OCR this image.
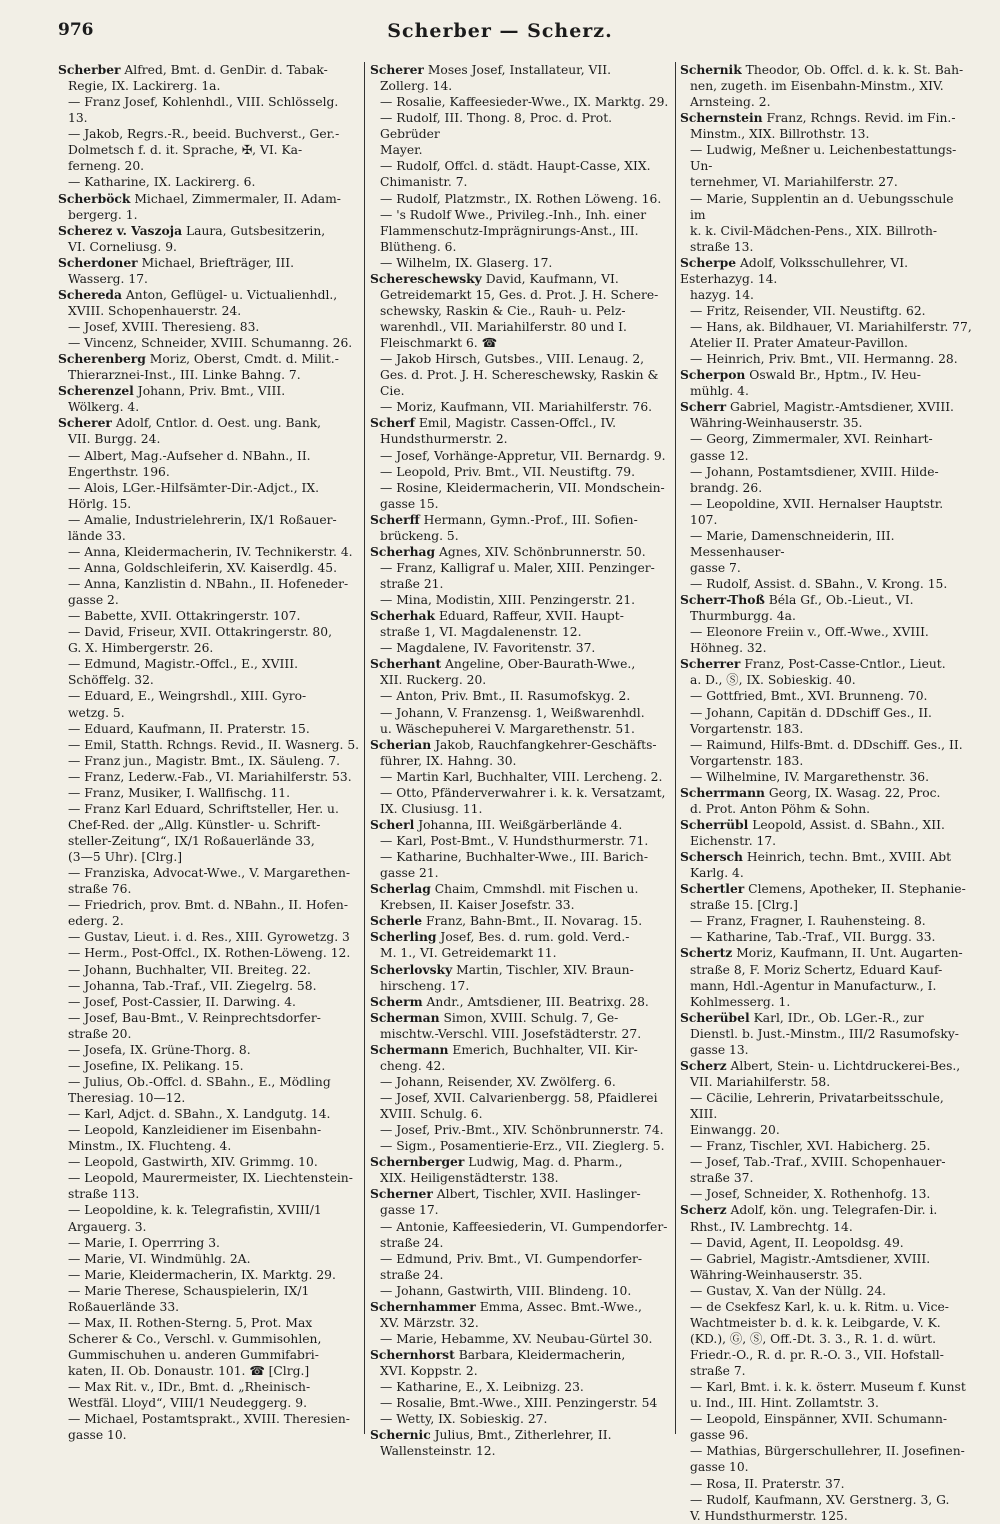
976	Scherber — Scherz.
Scherber Alfred, Bmt. d. GenDir. d. Tabak-
Regie, IX. Lackirerg. 1a.
— Franz Josef, Kohlenhdl., VIII. Schlösselg. 13.
— Jakob, Regrs.-R., beeid. Buchverst., Ger.-
Dolmetsch f. d. it. Sprache, ✠, VI. Ka-
ferneng. 20.
— Katharine, IX. Lackirerg. 6.
Scherböck Michael, Zimmermaler, II. Adam-
bergerg. 1.
Scherez v. Vaszoja Laura, Gutsbesitzerin,
VI. Corneliusg. 9.
Scherdoner Michael, Briefträger, III.
Wasserg. 17.
Schereda Anton, Geflügel- u. Victualienhdl.,
XVIII. Schopenhauerstr. 24.
— Josef, XVIII. Theresieng. 83.
— Vincenz, Schneider, XVIII. Schumanng. 26.
Scherenberg Moriz, Oberst, Cmdt. d. Milit.-
Thierarznei-Inst., III. Linke Bahng. 7.
Scherenzel Johann, Priv. Bmt., VIII.
Wölkerg. 4.
Scherer Adolf, Cntlor. d. Oest. ung. Bank,
VII. Burgg. 24.
— Albert, Mag.-Aufseher d. NBahn., II.
Engerthstr. 196.
— Alois, LGer.-Hilfsämter-Dir.-Adjct., IX.
Hörlg. 15.
— Amalie, Industrielehrerin, IX/1 Roßauer-
lände 33.
— Anna, Kleidermacherin, IV. Technikerstr. 4.
— Anna, Goldschleiferin, XV. Kaiserdlg. 45.
— Anna, Kanzlistin d. NBahn., II. Hofeneder-
gasse 2.
— Babette, XVII. Ottakringerstr. 107.
— David, Friseur, XVII. Ottakringerstr. 80,
G. X. Himbergerstr. 26.
— Edmund, Magistr.-Offcl., E., XVIII.
Schöffelg. 32.
— Eduard, E., Weingrshdl., XIII. Gyro-
wetzg. 5.
— Eduard, Kaufmann, II. Praterstr. 15.
— Emil, Statth. Rchngs. Revid., II. Wasnerg. 5.
— Franz jun., Magistr. Bmt., IX. Säuleng. 7.
— Franz, Lederw.-Fab., VI. Mariahilferstr. 53.
— Franz, Musiker, I. Wallfischg. 11.
— Franz Karl Eduard, Schriftsteller, Her. u.
Chef-Red. der „Allg. Künstler- u. Schrift-
steller-Zeitung“, IX/1 Roßauerlände 33,
(3—5 Uhr). [Clrg.]
— Franziska, Advocat-Wwe., V. Margarethen-
straße 76.
— Friedrich, prov. Bmt. d. NBahn., II. Hofen-
ederg. 2.
— Gustav, Lieut. i. d. Res., XIII. Gyrowetzg. 3
— Herm., Post-Offcl., IX. Rothen-Löweng. 12.
— Johann, Buchhalter, VII. Breiteg. 22.
— Johanna, Tab.-Traf., VII. Ziegelrg. 58.
— Josef, Post-Cassier, II. Darwing. 4.
— Josef, Bau-Bmt., V. Reinprechtsdorfer-
straße 20.
— Josefa, IX. Grüne-Thorg. 8.
— Josefine, IX. Pelikang. 15.
— Julius, Ob.-Offcl. d. SBahn., E., Mödling
Theresiag. 10—12.
— Karl, Adjct. d. SBahn., X. Landgutg. 14.
— Leopold, Kanzleidiener im Eisenbahn-
Minstm., IX. Fluchteng. 4.
— Leopold, Gastwirth, XIV. Grimmg. 10.
— Leopold, Maurermeister, IX. Liechtenstein-
straße 113.
— Leopoldine, k. k. Telegrafistin, XVIII/1
Argauerg. 3.
— Marie, I. Operrring 3.
— Marie, VI. Windmühlg. 2A.
— Marie, Kleidermacherin, IX. Marktg. 29.
— Marie Therese, Schauspielerin, IX/1
Roßauerlände 33.
— Max, II. Rothen-Sterng. 5, Prot. Max
Scherer & Co., Verschl. v. Gummisohlen,
Gummischuhen u. anderen Gummifabri-
katen, II. Ob. Donaustr. 101. ☎ [Clrg.]
— Max Rit. v., IDr., Bmt. d. „Rheinisch-
Westfäl. Lloyd“, VIII/1 Neudeggerg. 9.
— Michael, Postamtsprakt., XVIII. Theresien-
gasse 10.
Scherer Moses Josef, Installateur, VII.
Zollerg. 14.
— Rosalie, Kaffeesieder-Wwe., IX. Marktg. 29.
— Rudolf, III. Thong. 8, Proc. d. Prot. Gebrüder
Mayer.
— Rudolf, Offcl. d. städt. Haupt-Casse, XIX.
Chimanistr. 7.
— Rudolf, Platzmstr., IX. Rothen Löweng. 16.
— 's Rudolf Wwe., Privileg.-Inh., Inh. einer
Flammenschutz-Imprägnirungs-Anst., III.
Blütheng. 6.
— Wilhelm, IX. Glaserg. 17.
Schereschewsky David, Kaufmann, VI.
Getreidemarkt 15, Ges. d. Prot. J. H. Schere-
schewsky, Raskin & Cie., Rauh- u. Pelz-
warenhdl., VII. Mariahilferstr. 80 und I.
Fleischmarkt 6. ☎
— Jakob Hirsch, Gutsbes., VIII. Lenaug. 2,
Ges. d. Prot. J. H. Schereschewsky, Raskin & Cie.
— Moriz, Kaufmann, VII. Mariahilferstr. 76.
Scherf Emil, Magistr. Cassen-Offcl., IV.
Hundsthurmerstr. 2.
— Josef, Vorhänge-Appretur, VII. Bernardg. 9.
— Leopold, Priv. Bmt., VII. Neustiftg. 79.
— Rosine, Kleidermacherin, VII. Mondschein-
gasse 15.
Scherff Hermann, Gymn.-Prof., III. Sofien-
brückeng. 5.
Scherhag Agnes, XIV. Schönbrunnerstr. 50.
— Franz, Kalligraf u. Maler, XIII. Penzinger-
straße 21.
— Mina, Modistin, XIII. Penzingerstr. 21.
Scherhak Eduard, Raffeur, XVII. Haupt-
straße 1, VI. Magdalenenstr. 12.
— Magdalene, IV. Favoritenstr. 37.
Scherhant Angeline, Ober-Baurath-Wwe.,
XII. Ruckerg. 20.
— Anton, Priv. Bmt., II. Rasumofskyg. 2.
— Johann, V. Franzensg. 1, Weißwarenhdl.
u. Wäschepuherei V. Margarethenstr. 51.
Scherian Jakob, Rauchfangkehrer-Geschäfts-
führer, IX. Hahng. 30.
— Martin Karl, Buchhalter, VIII. Lercheng. 2.
— Otto, Pfänderverwahrer i. k. k. Versatzamt,
IX. Clusiusg. 11.
Scherl Johanna, III. Weißgärberlände 4.
— Karl, Post-Bmt., V. Hundsthurmerstr. 71.
— Katharine, Buchhalter-Wwe., III. Barich-
gasse 21.
Scherlag Chaim, Cmmshdl. mit Fischen u.
Krebsen, II. Kaiser Josefstr. 33.
Scherle Franz, Bahn-Bmt., II. Novarag. 15.
Scherling Josef, Bes. d. rum. gold. Verd.-
M. 1., VI. Getreidemarkt 11.
Scherlovsky Martin, Tischler, XIV. Braun-
hirscheng. 17.
Scherm Andr., Amtsdiener, III. Beatrixg. 28.
Scherman Simon, XVIII. Schulg. 7, Ge-
mischtw.-Verschl. VIII. Josefstädterstr. 27.
Schermann Emerich, Buchhalter, VII. Kir-
cheng. 42.
— Johann, Reisender, XV. Zwölferg. 6.
— Josef, XVII. Calvarienbergg. 58, Pfaidlerei
XVIII. Schulg. 6.
— Josef, Priv.-Bmt., XIV. Schönbrunnerstr. 74.
— Sigm., Posamentierie-Erz., VII. Zieglerg. 5.
Schernberger Ludwig, Mag. d. Pharm.,
XIX. Heiligenstädterstr. 138.
Scherner Albert, Tischler, XVII. Haslinger-
gasse 17.
— Antonie, Kaffeesiederin, VI. Gumpendorfer-
straße 24.
— Edmund, Priv. Bmt., VI. Gumpendorfer-
straße 24.
— Johann, Gastwirth, VIII. Blindeng. 10.
Schernhammer Emma, Assec. Bmt.-Wwe.,
XV. Märzstr. 32.
— Marie, Hebamme, XV. Neubau-Gürtel 30.
Schernhorst Barbara, Kleidermacherin,
XVI. Koppstr. 2.
— Katharine, E., X. Leibnizg. 23.
— Rosalie, Bmt.-Wwe., XIII. Penzingerstr. 54
— Wetty, IX. Sobieskig. 27.
Schernic Julius, Bmt., Zitherlehrer, II.
Wallensteinstr. 12.
Schernik Theodor, Ob. Offcl. d. k. k. St. Bah-
nen, zugeth. im Eisenbahn-Minstm., XIV.
Arnsteing. 2.
Schernstein Franz, Rchngs. Revid. im Fin.-
Minstm., XIX. Billrothstr. 13.
— Ludwig, Meßner u. Leichenbestattungs-Un-
ternehmer, VI. Mariahilferstr. 27.
— Marie, Supplentin an d. Uebungsschule im
k. k. Civil-Mädchen-Pens., XIX. Billroth-
straße 13.
Scherpe Adolf, Volksschullehrer, VI. Esterhazyg. 14.
hazyg. 14.
— Fritz, Reisender, VII. Neustiftg. 62.
— Hans, ak. Bildhauer, VI. Mariahilferstr. 77,
Atelier II. Prater Amateur-Pavillon.
— Heinrich, Priv. Bmt., VII. Hermanng. 28.
Scherpon Oswald Br., Hptm., IV. Heu-
mühlg. 4.
Scherr Gabriel, Magistr.-Amtsdiener, XVIII.
Währing-Weinhauserstr. 35.
— Georg, Zimmermaler, XVI. Reinhart-
gasse 12.
— Johann, Postamtsdiener, XVIII. Hilde-
brandg. 26.
— Leopoldine, XVII. Hernalser Hauptstr. 107.
— Marie, Damenschneiderin, III. Messenhauser-
gasse 7.
— Rudolf, Assist. d. SBahn., V. Krong. 15.
Scherr-Thoß Béla Gf., Ob.-Lieut., VI.
Thurmburgg. 4a.
— Eleonore Freiin v., Off.-Wwe., XVIII.
Höhneg. 32.
Scherrer Franz, Post-Casse-Cntlor., Lieut.
a. D., Ⓢ, IX. Sobieskig. 40.
— Gottfried, Bmt., XVI. Brunneng. 70.
— Johann, Capitän d. DDschiff Ges., II.
Vorgartenstr. 183.
— Raimund, Hilfs-Bmt. d. DDschiff. Ges., II.
Vorgartenstr. 183.
— Wilhelmine, IV. Margarethenstr. 36.
Scherrmann Georg, IX. Wasag. 22, Proc.
d. Prot. Anton Pöhm & Sohn.
Scherrübl Leopold, Assist. d. SBahn., XII.
Eichenstr. 17.
Schersch Heinrich, techn. Bmt., XVIII. Abt
Karlg. 4.
Schertler Clemens, Apotheker, II. Stephanie-
straße 15. [Clrg.]
— Franz, Fragner, I. Rauhensteing. 8.
— Katharine, Tab.-Traf., VII. Burgg. 33.
Schertz Moriz, Kaufmann, II. Unt. Augarten-
straße 8, F. Moriz Schertz, Eduard Kauf-
mann, Hdl.-Agentur in Manufacturw., I.
Kohlmesserg. 1.
Scherübel Karl, IDr., Ob. LGer.-R., zur
Dienstl. b. Just.-Minstm., III/2 Rasumofsky-
gasse 13.
Scherz Albert, Stein- u. Lichtdruckerei-Bes.,
VII. Mariahilferstr. 58.
— Cäcilie, Lehrerin, Privatarbeitsschule, XIII.
Einwangg. 20.
— Franz, Tischler, XVI. Habicherg. 25.
— Josef, Tab.-Traf., XVIII. Schopenhauer-
straße 37.
— Josef, Schneider, X. Rothenhofg. 13.
Scherz Adolf, kön. ung. Telegrafen-Dir. i.
Rhst., IV. Lambrechtg. 14.
— David, Agent, II. Leopoldsg. 49.
— Gabriel, Magistr.-Amtsdiener, XVIII.
Währing-Weinhauserstr. 35.
— Gustav, X. Van der Nüllg. 24.
— de Csekfesz Karl, k. u. k. Ritm. u. Vice-
Wachtmeister b. d. k. k. Leibgarde, V. K.
(KD.), Ⓖ, Ⓢ, Off.-Dt. 3. 3., R. 1. d. würt.
Friedr.-O., R. d. pr. R.-O. 3., VII. Hofstall-
straße 7.
— Karl, Bmt. i. k. k. österr. Museum f. Kunst
u. Ind., III. Hint. Zollamtstr. 3.
— Leopold, Einspänner, XVII. Schumann-
gasse 96.
— Mathias, Bürgerschullehrer, II. Josefinen-
gasse 10.
— Rosa, II. Praterstr. 37.
— Rudolf, Kaufmann, XV. Gerstnerg. 3, G.
V. Hundsthurmerstr. 125.
